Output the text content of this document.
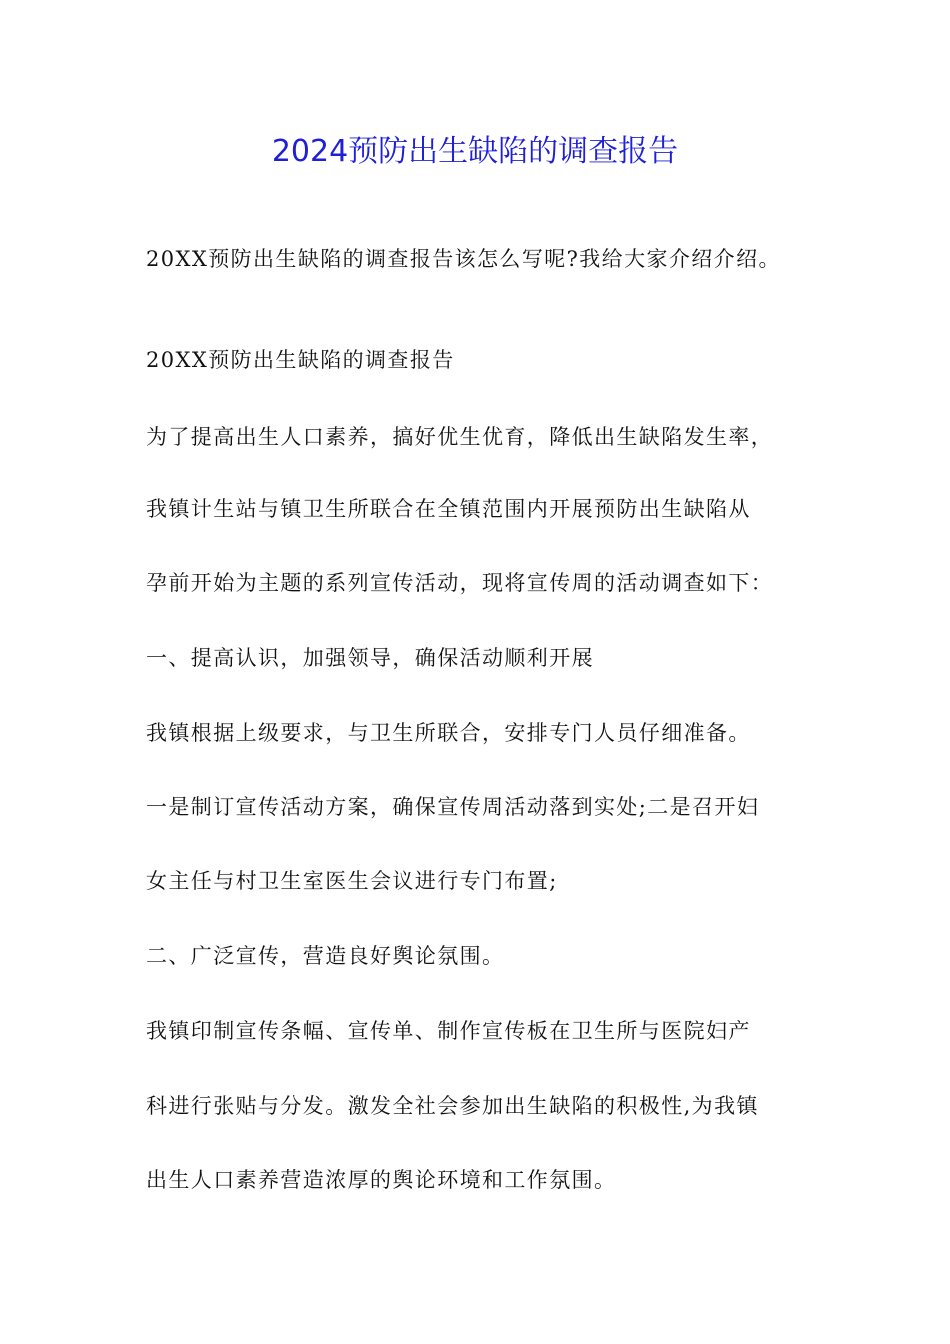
2024预防出生缺陷的调查报告
20XX预防出生缺陷的调查报告该怎么写呢?我给大家介绍介绍。
20XX预防出生缺陷的调查报告
为了提高出生人口素养，搞好优生优育，降低出生缺陷发生率，
我镇计生站与镇卫生所联合在全镇范围内开展预防出生缺陷从
孕前开始为主题的系列宣传活动，现将宣传周的活动调查如下：
一、提高认识，加强领导，确保活动顺利开展
我镇根据上级要求，与卫生所联合，安排专门人员仔细准备。
一是制订宣传活动方案，确保宣传周活动落到实处;二是召开妇
女主任与村卫生室医生会议进行专门布置;
二、广泛宣传，营造良好舆论氛围。
我镇印制宣传条幅、宣传单、制作宣传板在卫生所与医院妇产
科进行张贴与分发。激发全社会参加出生缺陷的积极性,为我镇
出生人口素养营造浓厚的舆论环境和工作氛围。
